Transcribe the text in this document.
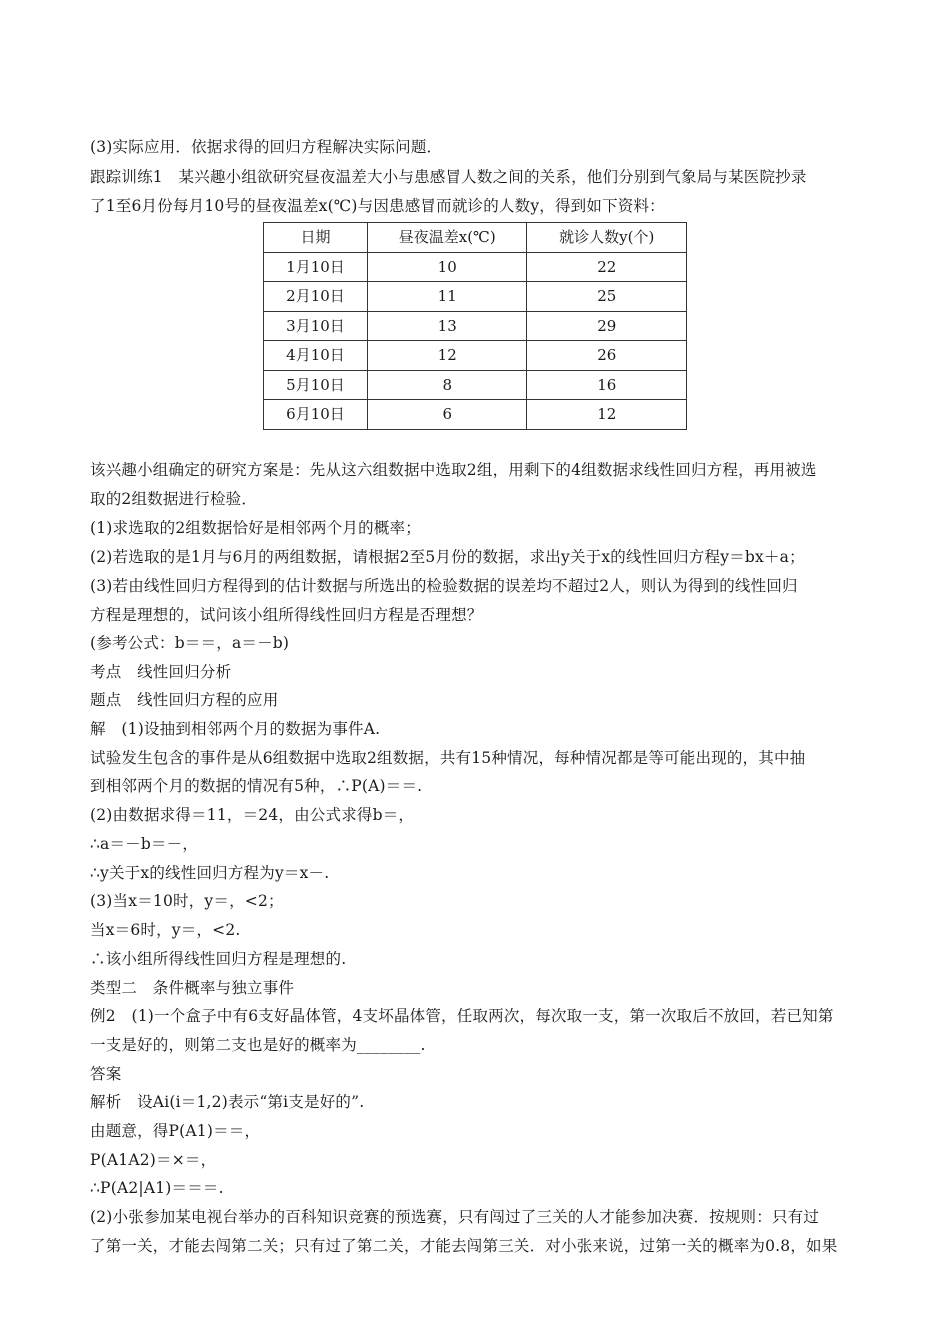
(3)实际应用．依据求得的回归方程解决实际问题．
跟踪训练1　某兴趣小组欲研究昼夜温差大小与患感冒人数之间的关系，他们分别到气象局与某医院抄录
了1至6月份每月10号的昼夜温差x(℃)与因患感冒而就诊的人数y，得到如下资料：
日期	昼夜温差x(℃)	就诊人数y(个)
1月10日	10	22
2月10日	11	25
3月10日	13	29
4月10日	12	26
5月10日	8	16
6月10日	6	12
该兴趣小组确定的研究方案是：先从这六组数据中选取2组，用剩下的4组数据求线性回归方程，再用被选
取的2组数据进行检验．
(1)求选取的2组数据恰好是相邻两个月的概率；
(2)若选取的是1月与6月的两组数据，请根据2至5月份的数据，求出y关于x的线性回归方程y＝bx＋a；
(3)若由线性回归方程得到的估计数据与所选出的检验数据的误差均不超过2人，则认为得到的线性回归
方程是理想的，试问该小组所得线性回归方程是否理想？
(参考公式：b＝＝，a＝－b)
考点　线性回归分析
题点　线性回归方程的应用
解　(1)设抽到相邻两个月的数据为事件A.
试验发生包含的事件是从6组数据中选取2组数据，共有15种情况，每种情况都是等可能出现的，其中抽
到相邻两个月的数据的情况有5种，∴P(A)＝＝.
(2)由数据求得＝11，＝24，由公式求得b＝，
∴a＝－b＝－，
∴y关于x的线性回归方程为y＝x－.
(3)当x＝10时，y＝，<2；
当x＝6时，y＝，<2.
∴该小组所得线性回归方程是理想的.
类型二　条件概率与独立事件
例2　(1)一个盒子中有6支好晶体管，4支坏晶体管，任取两次，每次取一支，第一次取后不放回，若已知第
一支是好的，则第二支也是好的概率为________.
答案
解析　设Ai(i＝1,2)表示“第i支是好的”.
由题意，得P(A1)＝＝，
P(A1A2)＝×＝，
∴P(A2|A1)＝＝＝.
(2)小张参加某电视台举办的百科知识竞赛的预选赛，只有闯过了三关的人才能参加决赛．按规则：只有过
了第一关，才能去闯第二关；只有过了第二关，才能去闯第三关．对小张来说，过第一关的概率为0.8，如果
